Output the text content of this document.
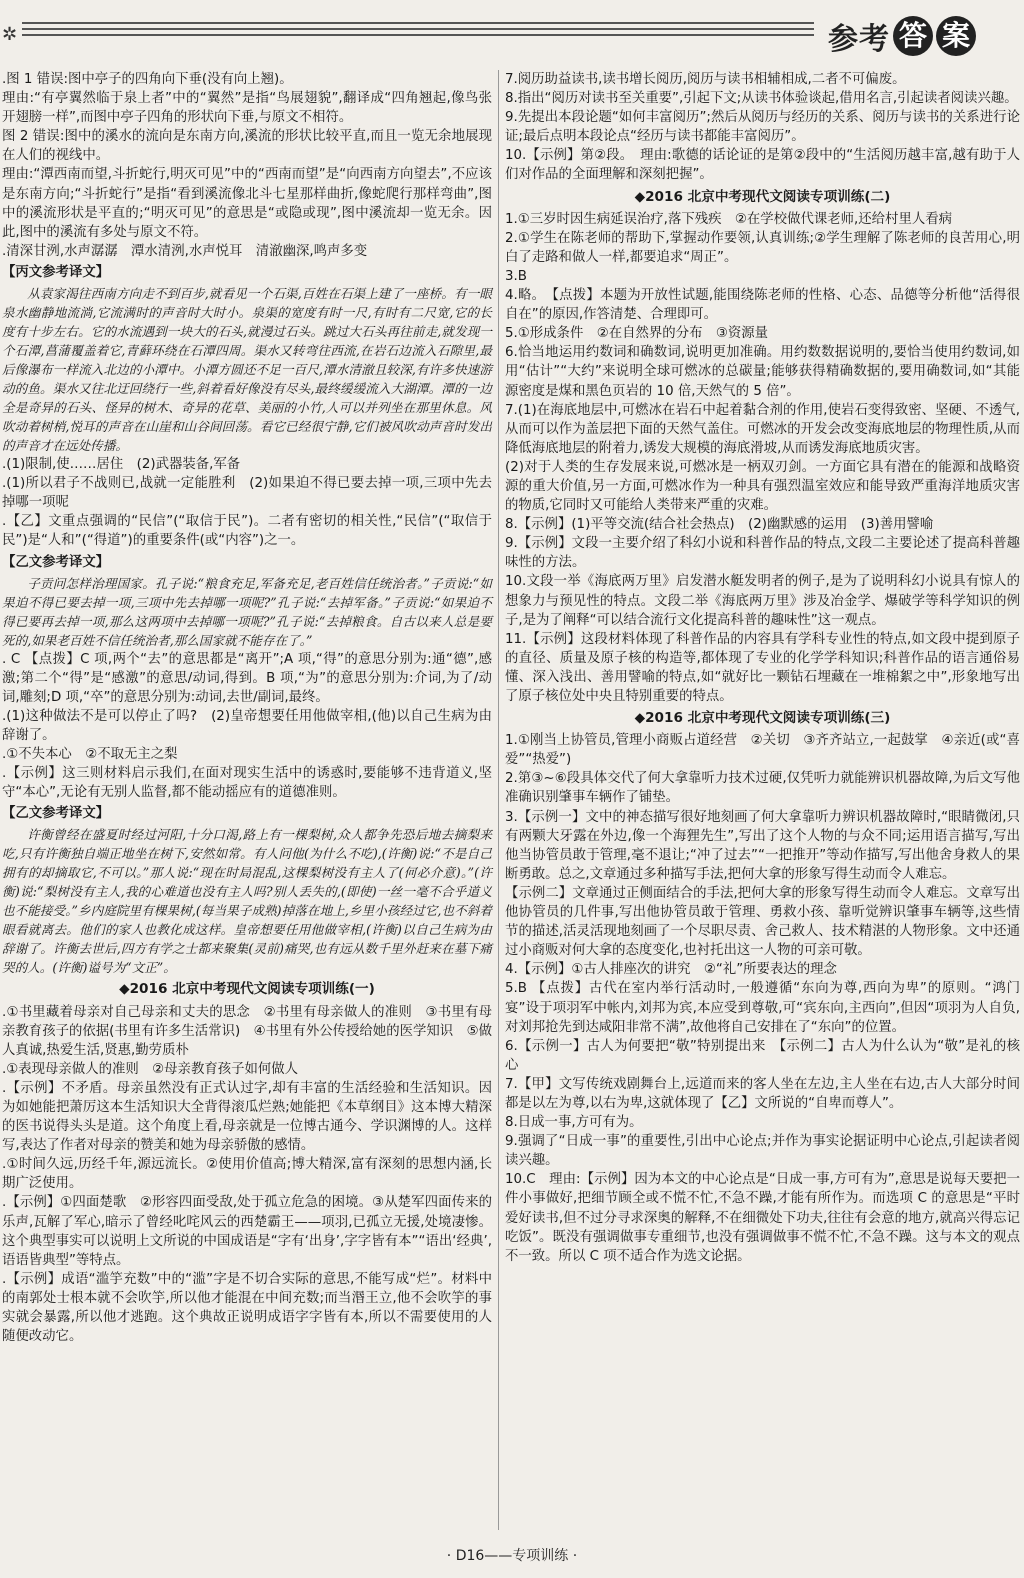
✲	参考 答 案

.图 1 错误:图中亭子的四角向下垂(没有向上翘)。

理由:“有亭翼然临于泉上者”中的“翼然”是指“鸟展翅貌”,翻译成“四角翘起,像鸟张开翅膀一样”,而图中亭子四角的形状向下垂,与原文不相符。

图 2 错误:图中的溪水的流向是东南方向,溪流的形状比较平直,而且一览无余地展现在人们的视线中。

理由:“潭西南而望,斗折蛇行,明灭可见”中的“西南而望”是“向西南方向望去”,不应该是东南方向;“斗折蛇行”是指“看到溪流像北斗七星那样曲折,像蛇爬行那样弯曲”,图中的溪流形状是平直的;“明灭可见”的意思是“或隐或现”,图中溪流却一览无余。因此,图中的溪流有多处与原文不符。

.清深甘洌,水声潺潺　潭水清洌,水声悦耳　清澈幽深,鸣声多变

【丙文参考译文】

从袁家渴往西南方向走不到百步,就看见一个石渠,百姓在石渠上建了一座桥。有一眼泉水幽静地流淌,它流满时的声音时大时小。泉渠的宽度有时一尺,有时有二尺宽,它的长度有十步左右。它的水流遇到一块大的石头,就漫过石头。跳过大石头再往前走,就发现一个石潭,菖蒲覆盖着它,青藓环绕在石潭四周。渠水又转弯往西流,在岩石边流入石隙里,最后像瀑布一样流入北边的小潭中。小潭方圆还不足一百尺,潭水清澈且较深,有许多快速游动的鱼。渠水又往北迂回绕行一些,斜着看好像没有尽头,最终缓缓流入大湖潭。潭的一边全是奇异的石头、怪异的树木、奇异的花草、美丽的小竹,人可以并列坐在那里休息。风吹动着树梢,悦耳的声音在山崖和山谷间回荡。看它已经很宁静,它们被风吹动声音时发出的声音才在远处传播。

.(1)限制,使……居住　(2)武器装备,军备

.(1)所以君子不战则已,战就一定能胜利　(2)如果迫不得已要去掉一项,三项中先去掉哪一项呢

.【乙】文重点强调的“民信”(“取信于民”)。二者有密切的相关性,“民信”(“取信于民”)是“人和”(“得道”)的重要条件(或“内容”)之一。

【乙文参考译文】

子贡问怎样治理国家。孔子说:“粮食充足,军备充足,老百姓信任统治者。”子贡说:“如果迫不得已要去掉一项,三项中先去掉哪一项呢?”孔子说:“去掉军备。”子贡说:“如果迫不得已要再去掉一项,那么这两项中去掉哪一项呢?”孔子说:“去掉粮食。自古以来人总是要死的,如果老百姓不信任统治者,那么国家就不能存在了。”

. C 【点拨】C 项,两个“去”的意思都是“离开”;A 项,“得”的意思分别为:通“德”,感激;第二个“得”是“感激”的意思/动词,得到。B 项,“为”的意思分别为:介词,为了/动词,雕刻;D 项,“卒”的意思分别为:动词,去世/副词,最终。

.(1)这种做法不是可以停止了吗?　(2)皇帝想要任用他做宰相,(他)以自己生病为由辞谢了。

.①不失本心　②不取无主之梨

.【示例】这三则材料启示我们,在面对现实生活中的诱惑时,要能够不违背道义,坚守“本心”,无论有无别人监督,都不能动摇应有的道德准则。

【乙文参考译文】

许衡曾经在盛夏时经过河阳,十分口渴,路上有一棵梨树,众人都争先恐后地去摘梨来吃,只有许衡独自端正地坐在树下,安然如常。有人问他(为什么不吃),(许衡)说:“不是自己拥有的却摘取它,不可以。”那人说:“现在时局混乱,这棵梨树没有主人了(何必介意)。”(许衡)说:“梨树没有主人,我的心难道也没有主人吗?别人丢失的,(即使)一丝一毫不合乎道义也不能接受。”乡内庭院里有棵果树,(每当果子成熟)掉落在地上,乡里小孩经过它,也不斜着眼看就离去。他们的家人也教化成这样。皇帝想要任用他做宰相,(许衡)以自己生病为由辞谢了。许衡去世后,四方有学之士都来聚集(灵前)痛哭,也有远从数千里外赶来在墓下痛哭的人。(许衡)谥号为“文正”。

◆2016 北京中考现代文阅读专项训练(一)

.①书里藏着母亲对自己母亲和丈夫的思念　②书里有母亲做人的准则　③书里有母亲教育孩子的依据(书里有许多生活常识)　④书里有外公传授给她的医学知识　⑤做人真诚,热爱生活,贤惠,勤劳质朴

.①表现母亲做人的准则　②母亲教育孩子如何做人

.【示例】不矛盾。母亲虽然没有正式认过字,却有丰富的生活经验和生活知识。因为如她能把萧厉这本生活知识大全背得滚瓜烂熟;她能把《本草纲目》这本博大精深的医书说得头头是道。这个角度上看,母亲就是一位博古通今、学识渊博的人。这样写,表达了作者对母亲的赞美和她为母亲骄傲的感情。

.①时间久远,历经千年,源远流长。②使用价值高;博大精深,富有深刻的思想内涵,长期广泛使用。

.【示例】①四面楚歌　②形容四面受敌,处于孤立危急的困境。③从楚军四面传来的乐声,瓦解了军心,暗示了曾经叱咤风云的西楚霸王——项羽,已孤立无援,处境凄惨。这个典型事实可以说明上文所说的中国成语是“字有‘出身’,字字皆有本”“语出‘经典’,语语皆典型”等特点。

.【示例】成语“滥竽充数”中的“滥”字是不切合实际的意思,不能写成“烂”。材料中的南郭处士根本就不会吹竽,所以他才能混在中间充数;而当湣王立,他不会吹竽的事实就会暴露,所以他才逃跑。这个典故正说明成语字字皆有本,所以不需要使用的人随便改动它。

7.阅历助益读书,读书增长阅历,阅历与读书相辅相成,二者不可偏废。

8.指出“阅历对读书至关重要”,引起下文;从读书体验谈起,借用名言,引起读者阅读兴趣。

9.先提出本段论题“如何丰富阅历”;然后从阅历与经历的关系、阅历与读书的关系进行论证;最后点明本段论点“经历与读书都能丰富阅历”。

10.【示例】第②段。　理由:歌德的话论证的是第②段中的“生活阅历越丰富,越有助于人们对作品的全面理解和深刻把握”。

◆2016 北京中考现代文阅读专项训练(二)

1.①三岁时因生病延误治疗,落下残疾　②在学校做代课老师,还给村里人看病

2.①学生在陈老师的帮助下,掌握动作要领,认真训练;②学生理解了陈老师的良苦用心,明白了走路和做人一样,都要追求“周正”。

3.B

4.略。　【点拨】本题为开放性试题,能围绕陈老师的性格、心态、品德等分析他“活得很自在”的原因,作答清楚、合理即可。

5.①形成条件　②在自然界的分布　③资源量

6.恰当地运用约数词和确数词,说明更加准确。用约数数据说明的,要恰当使用约数词,如用“估计”“大约”来说明全球可燃冰的总碳量;能够获得精确数据的,要用确数词,如“其能源密度是煤和黑色页岩的 10 倍,天然气的 5 倍”。

7.(1)在海底地层中,可燃冰在岩石中起着黏合剂的作用,使岩石变得致密、坚硬、不透气,从而可以作为盖层把下面的天然气盖住。可燃冰的开发会改变海底地层的物理性质,从而降低海底地层的附着力,诱发大规模的海底滑坡,从而诱发海底地质灾害。

(2)对于人类的生存发展来说,可燃冰是一柄双刃剑。一方面它具有潜在的能源和战略资源的重大价值,另一方面,可燃冰作为一种具有强烈温室效应和能导致严重海洋地质灾害的物质,它同时又可能给人类带来严重的灾难。

8.【示例】(1)平等交流(结合社会热点)　(2)幽默感的运用　(3)善用譬喻

9.【示例】文段一主要介绍了科幻小说和科普作品的特点,文段二主要论述了提高科普趣味性的方法。

10.文段一举《海底两万里》启发潜水艇发明者的例子,是为了说明科幻小说具有惊人的想象力与预见性的特点。文段二举《海底两万里》涉及冶金学、爆破学等科学知识的例子,是为了阐释“可以结合流行文化提高科普的趣味性”这一观点。

11.【示例】这段材料体现了科普作品的内容具有学科专业性的特点,如文段中提到原子的直径、质量及原子核的构造等,都体现了专业的化学学科知识;科普作品的语言通俗易懂、深入浅出、善用譬喻的特点,如“就好比一颗钻石埋藏在一堆棉絮之中”,形象地写出了原子核位处中央且特别重要的特点。

◆2016 北京中考现代文阅读专项训练(三)

1.①刚当上协管员,管理小商贩占道经营　②关切　③齐齐站立,一起鼓掌　④亲近(或“喜爱”“热爱”)

2.第③~⑥段具体交代了何大拿靠听力技术过硬,仅凭听力就能辨识机器故障,为后文写他准确识别肇事车辆作了铺垫。

3.【示例一】文中的神态描写很好地刻画了何大拿靠听力辨识机器故障时,“眼睛微闭,只有两颗大牙露在外边,像一个海狸先生”,写出了这个人物的与众不同;运用语言描写,写出他当协管员敢于管理,毫不退让;“冲了过去”“一把推开”等动作描写,写出他舍身救人的果断勇敢。总之,文章通过多种描写手法,把何大拿的形象写得生动而令人难忘。

【示例二】文章通过正侧面结合的手法,把何大拿的形象写得生动而令人难忘。文章写出他协管员的几件事,写出他协管员敢于管理、勇救小孩、靠听觉辨识肇事车辆等,这些情节的描述,活灵活现地刻画了一个尽职尽责、舍己救人、技术精湛的人物形象。文中还通过小商贩对何大拿的态度变化,也衬托出这一人物的可亲可敬。

4.【示例】①古人排座次的讲究　②“礼”所要表达的理念

5.B 【点拨】古代在室内举行活动时,一般遵循“东向为尊,西向为卑”的原则。“鸿门宴”设于项羽军中帐内,刘邦为宾,本应受到尊敬,可“宾东向,主西向”,但因“项羽为人自负,对刘邦抢先到达咸阳非常不满”,故他将自己安排在了“东向”的位置。

6.【示例一】古人为何要把“敬”特别提出来　【示例二】古人为什么认为“敬”是礼的核心

7.【甲】文写传统戏剧舞台上,远道而来的客人坐在左边,主人坐在右边,古人大部分时间都是以左为尊,以右为卑,这就体现了【乙】文所说的“自卑而尊人”。

8.日成一事,方可有为。

9.强调了“日成一事”的重要性,引出中心论点;并作为事实论据证明中心论点,引起读者阅读兴趣。

10.C　理由:【示例】因为本文的中心论点是“日成一事,方可有为”,意思是说每天要把一件小事做好,把细节顾全或不慌不忙,不急不躁,才能有所作为。而选项 C 的意思是“平时爱好读书,但不过分寻求深奥的解释,不在细微处下功夫,往往有会意的地方,就高兴得忘记吃饭”。既没有强调做事专重细节,也没有强调做事不慌不忙,不急不躁。这与本文的观点不一致。所以 C 项不适合作为选文论据。

· D16——专项训练 ·
